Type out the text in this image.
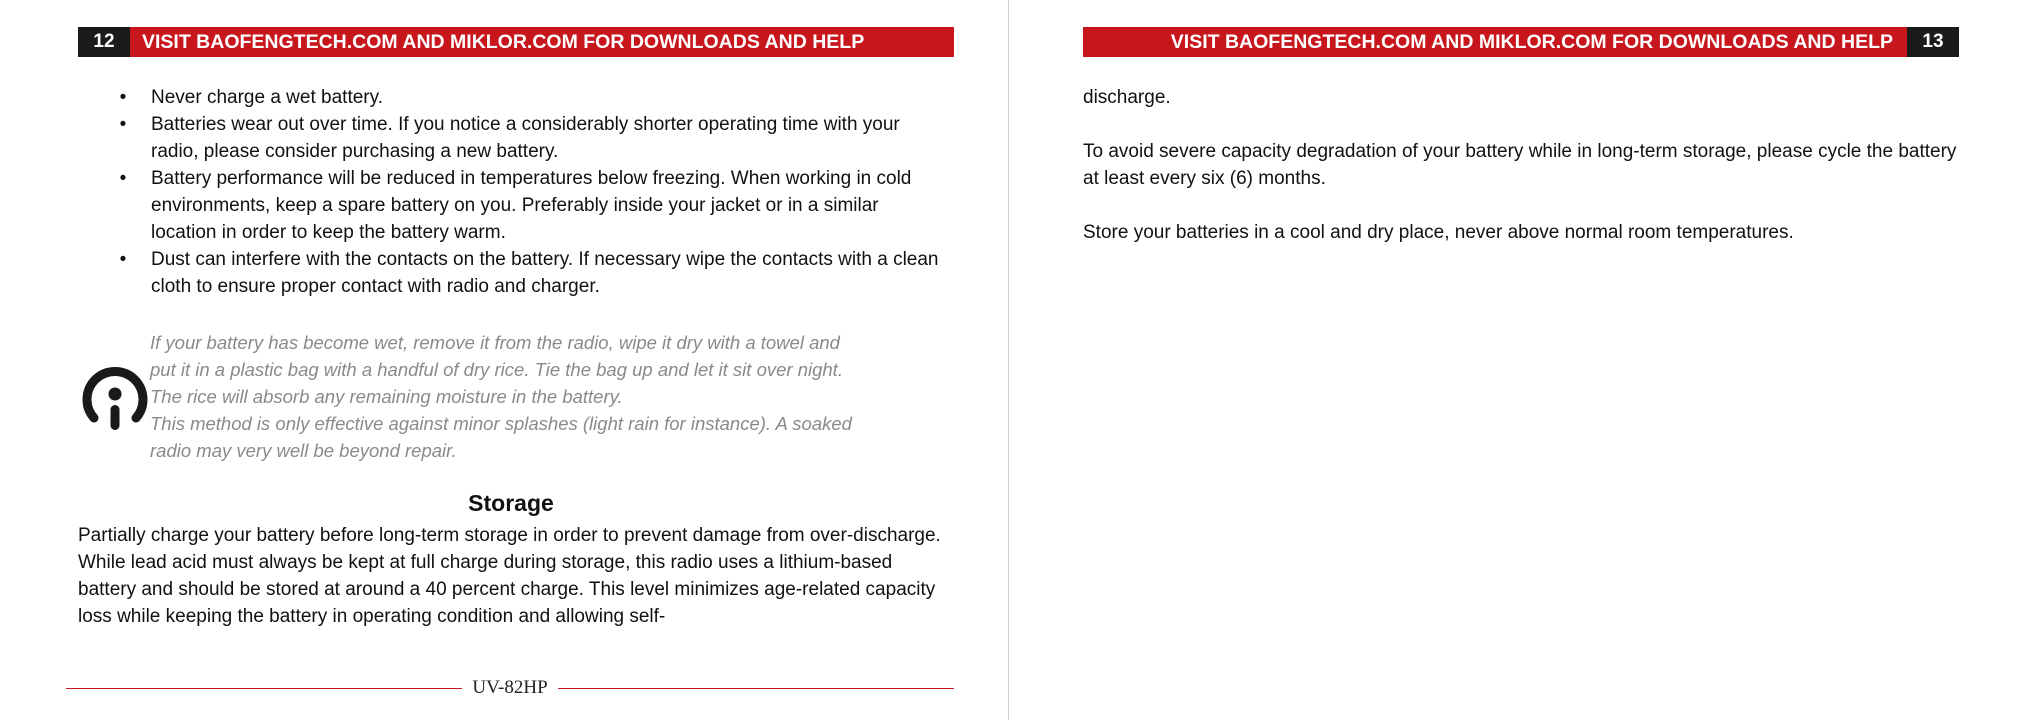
12	VISIT BAOFENGTECH.COM AND MIKLOR.COM FOR DOWNLOADS AND HELP
•	Never charge a wet battery.
•	Batteries wear out over time. If you notice a considerably shorter operating time with your radio, please consider purchasing a new battery.
•	Battery performance will be reduced in temperatures below freezing. When working in cold environments, keep a spare battery on you. Preferably inside your jacket or in a similar location in order to keep the battery warm.
•	Dust can interfere with the contacts on the battery. If necessary wipe the contacts with a clean cloth to ensure proper contact with radio and charger.
If your battery has become wet, remove it from the radio, wipe it dry with a towel and
put it in a plastic bag with a handful of dry rice. Tie the bag up and let it sit over night.
The rice will absorb any remaining moisture in the battery.
This method is only effective against minor splashes (light rain for instance). A soaked
radio may very well be beyond repair.
Storage

Partially charge your battery before long-term storage in order to prevent damage from over-discharge. While lead acid must always be kept at full charge during storage, this radio uses a lithium-based battery and should be stored at around a 40 percent charge. This level minimizes age-related capacity loss while keeping the battery in operating condition and allowing self-

UV-82HP
VISIT BAOFENGTECH.COM AND MIKLOR.COM FOR DOWNLOADS AND HELP	13

discharge.

To avoid severe capacity degradation of your battery while in long-term storage, please cycle the battery at least every six (6) months.

Store your batteries in a cool and dry place, never above normal room temperatures.
